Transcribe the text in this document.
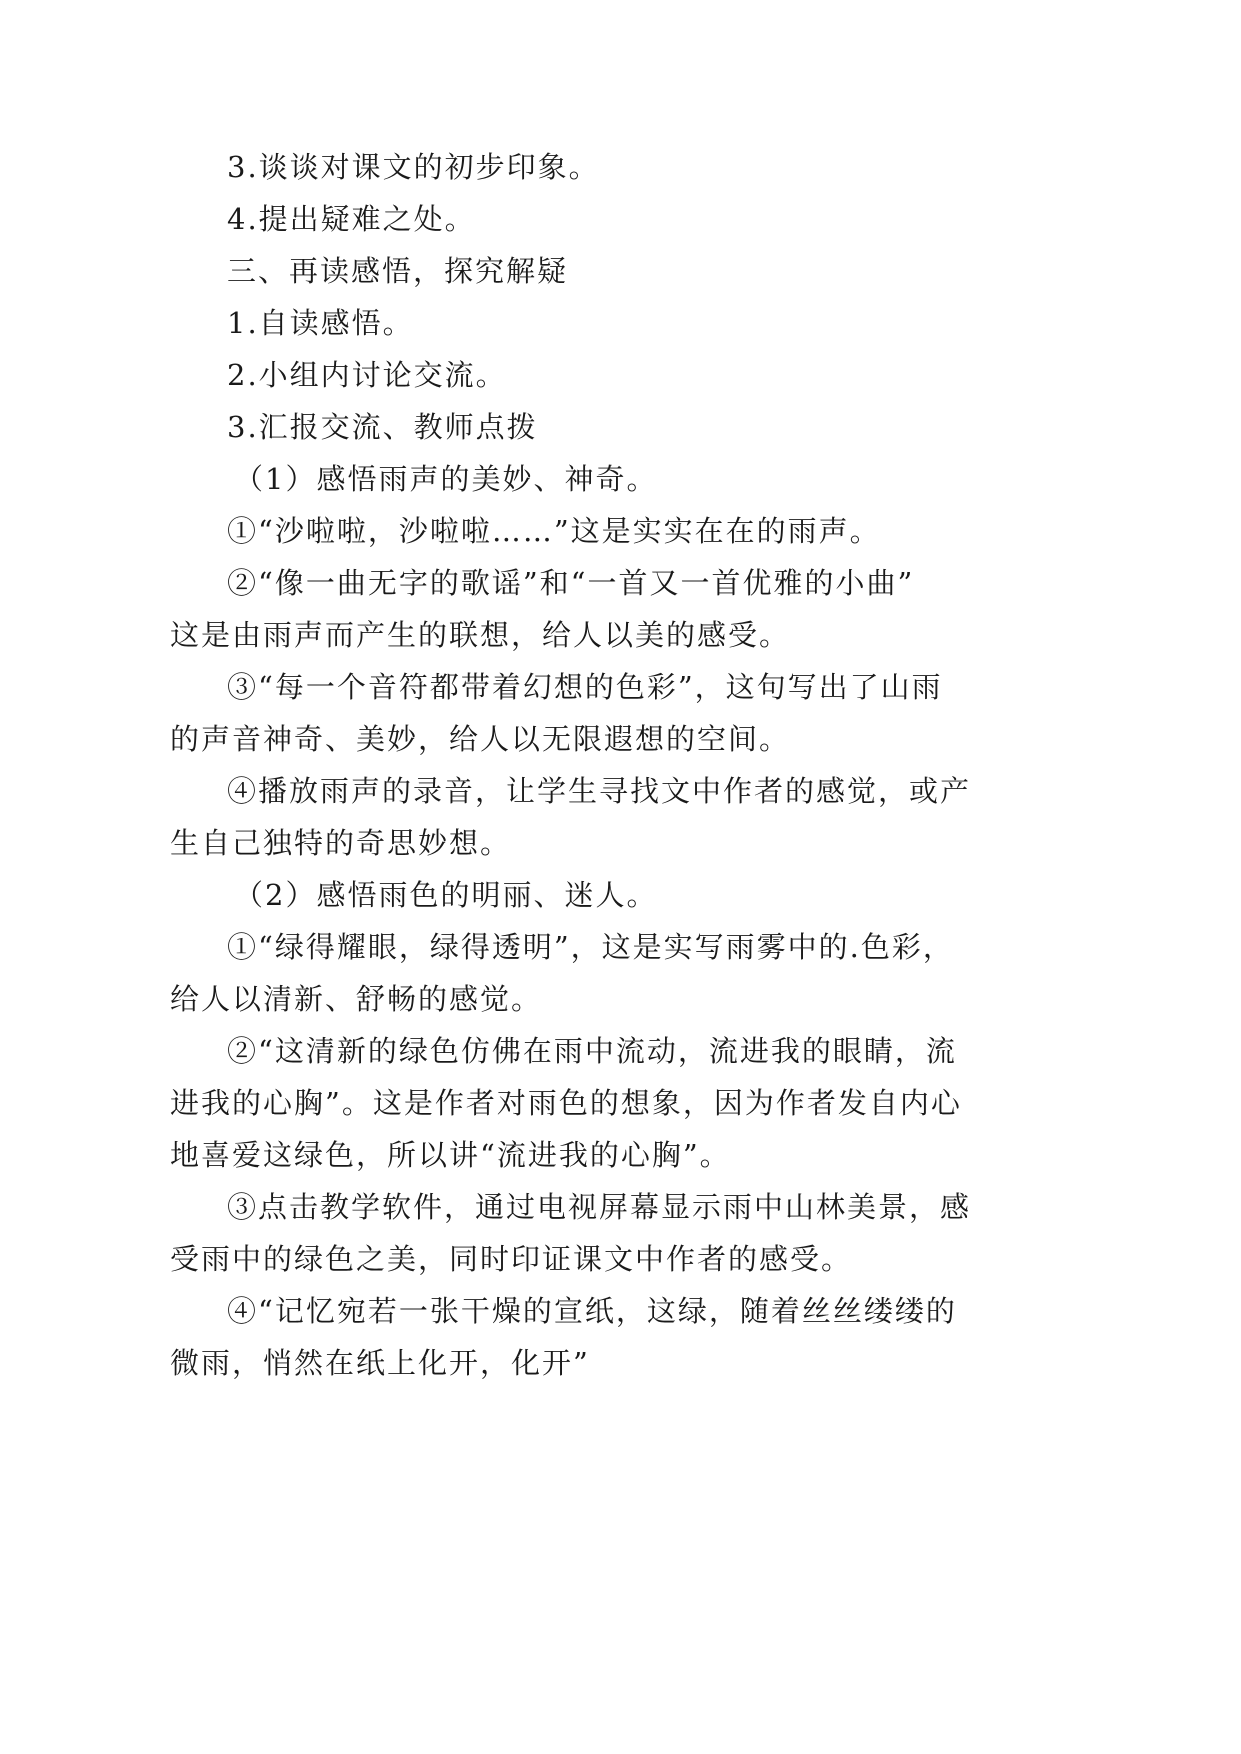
3.谈谈对课文的初步印象。
4.提出疑难之处。
三、再读感悟，探究解疑
1.自读感悟。
2.小组内讨论交流。
3.汇报交流、教师点拨
（1）感悟雨声的美妙、神奇。
①“沙啦啦，沙啦啦……”这是实实在在的雨声。
②“像一曲无字的歌谣”和“一首又一首优雅的小曲”
这是由雨声而产生的联想，给人以美的感受。
③“每一个音符都带着幻想的色彩”，这句写出了山雨
的声音神奇、美妙，给人以无限遐想的空间。
④播放雨声的录音，让学生寻找文中作者的感觉，或产
生自己独特的奇思妙想。
（2）感悟雨色的明丽、迷人。
①“绿得耀眼，绿得透明”，这是实写雨雾中的.色彩，
给人以清新、舒畅的感觉。
②“这清新的绿色仿佛在雨中流动，流进我的眼睛，流
进我的心胸”。这是作者对雨色的想象，因为作者发自内心
地喜爱这绿色，所以讲“流进我的心胸”。
③点击教学软件，通过电视屏幕显示雨中山林美景，感
受雨中的绿色之美，同时印证课文中作者的感受。
④“记忆宛若一张干燥的宣纸，这绿，随着丝丝缕缕的
微雨，悄然在纸上化开，化开”
